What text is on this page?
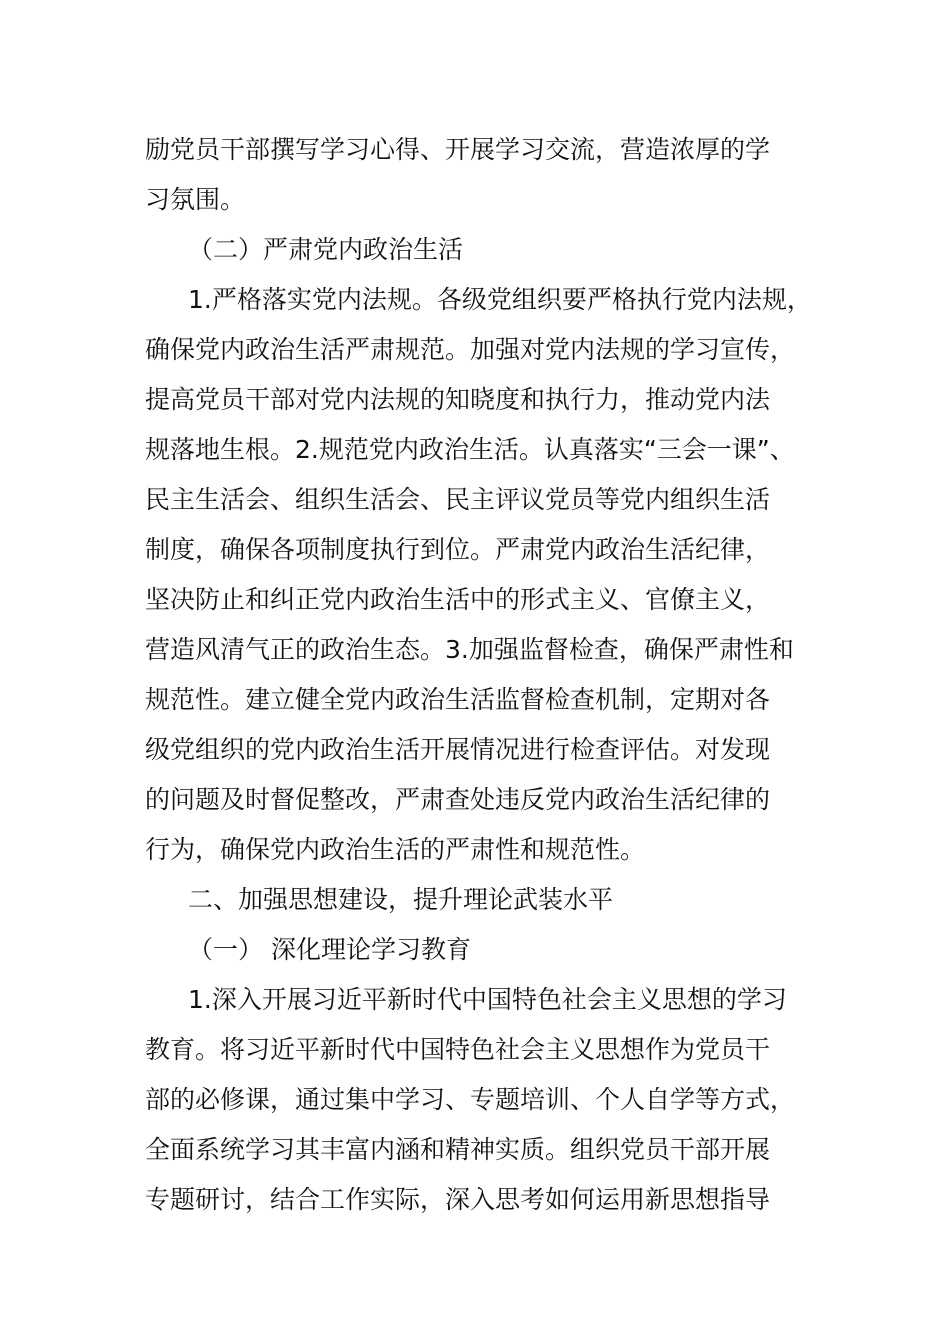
励党员干部撰写学习心得、开展学习交流，营造浓厚的学
习氛围。
（二）严肃党内政治生活
1.严格落实党内法规。各级党组织要严格执行党内法规，
确保党内政治生活严肃规范。加强对党内法规的学习宣传，
提高党员干部对党内法规的知晓度和执行力，推动党内法
规落地生根。2.规范党内政治生活。认真落实“三会一课”、
民主生活会、组织生活会、民主评议党员等党内组织生活
制度，确保各项制度执行到位。严肃党内政治生活纪律，
坚决防止和纠正党内政治生活中的形式主义、官僚主义，
营造风清气正的政治生态。3.加强监督检查，确保严肃性和
规范性。建立健全党内政治生活监督检查机制，定期对各
级党组织的党内政治生活开展情况进行检查评估。对发现
的问题及时督促整改，严肃查处违反党内政治生活纪律的
行为，确保党内政治生活的严肃性和规范性。
二、加强思想建设，提升理论武装水平
（一） 深化理论学习教育
1.深入开展习近平新时代中国特色社会主义思想的学习
教育。将习近平新时代中国特色社会主义思想作为党员干
部的必修课，通过集中学习、专题培训、个人自学等方式，
全面系统学习其丰富内涵和精神实质。组织党员干部开展
专题研讨，结合工作实际，深入思考如何运用新思想指导
